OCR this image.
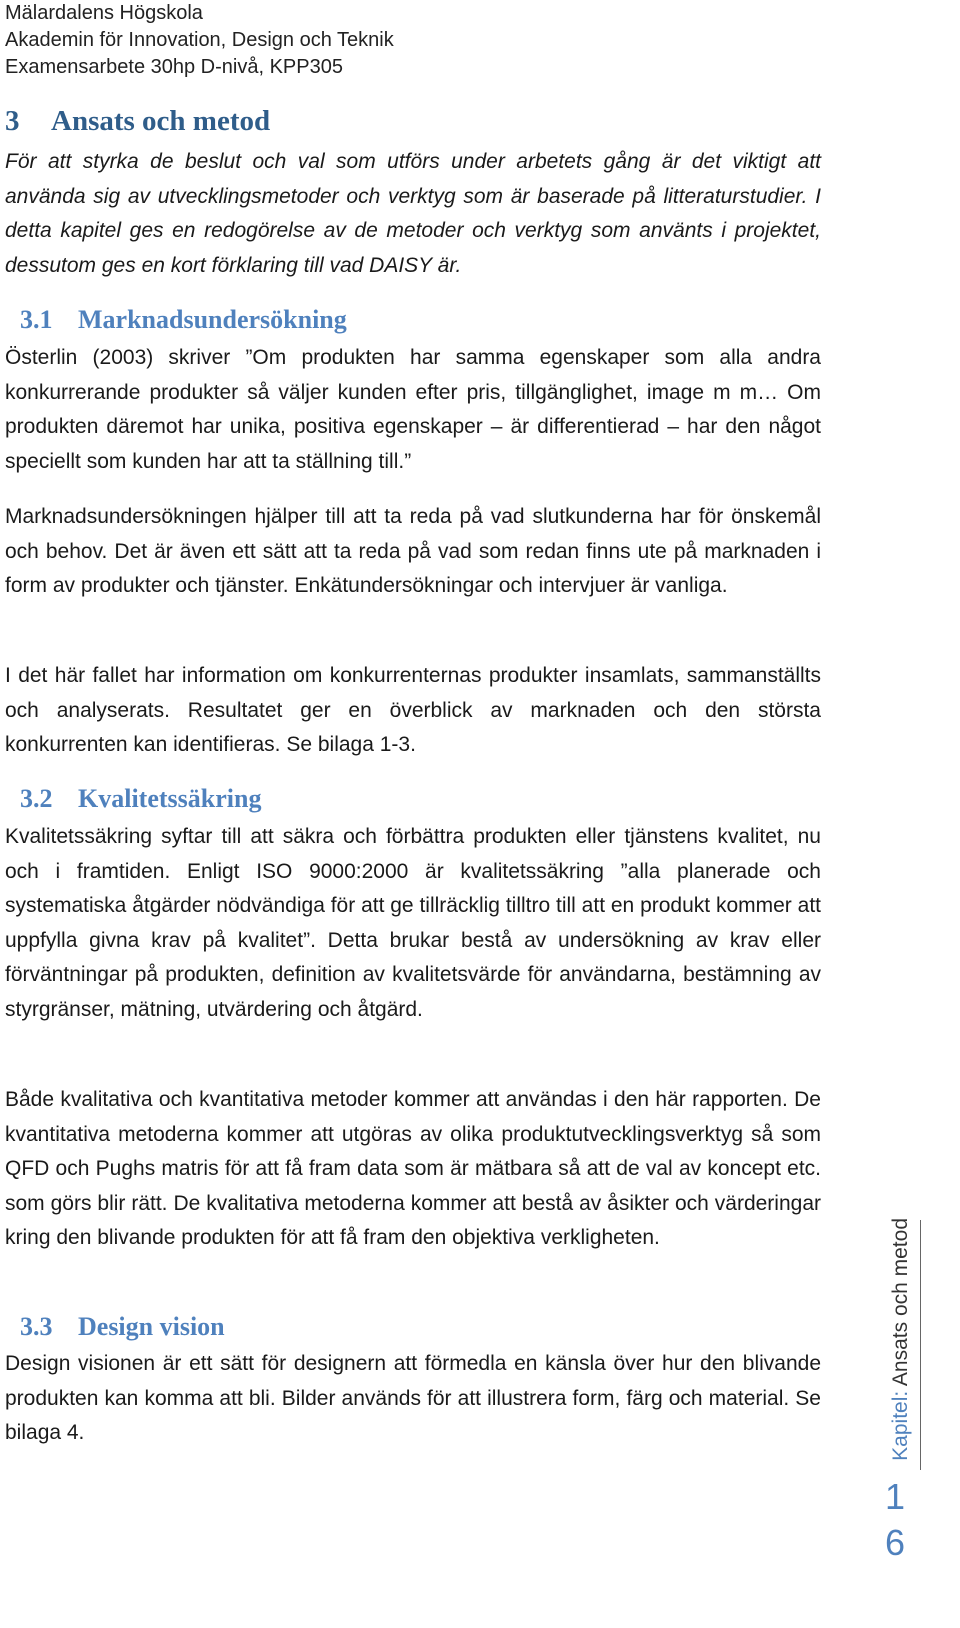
Mälardalens Högskola
Akademin för Innovation, Design och Teknik
Examensarbete 30hp D-nivå, KPP305
3 Ansats och metod

För att styrka de beslut och val som utförs under arbetets gång är det viktigt att använda sig av utvecklingsmetoder och verktyg som är baserade på litteraturstudier. I detta kapitel ges en redogörelse av de metoder och verktyg som använts i projektet, dessutom ges en kort förklaring till vad DAISY är.

3.1 Marknadsundersökning

Österlin (2003) skriver ”Om produkten har samma egenskaper som alla andra konkurrerande produkter så väljer kunden efter pris, tillgänglighet, image m m… Om produkten däremot har unika, positiva egenskaper – är differentierad – har den något speciellt som kunden har att ta ställning till.”

Marknadsundersökningen hjälper till att ta reda på vad slutkunderna har för önskemål och behov. Det är även ett sätt att ta reda på vad som redan finns ute på marknaden i form av produkter och tjänster. Enkätundersökningar och intervjuer är vanliga.

I det här fallet har information om konkurrenternas produkter insamlats, sammanställts och analyserats. Resultatet ger en överblick av marknaden och den största konkurrenten kan identifieras. Se bilaga 1-3.

3.2 Kvalitetssäkring

Kvalitetssäkring syftar till att säkra och förbättra produkten eller tjänstens kvalitet, nu och i framtiden. Enligt ISO 9000:2000 är kvalitetssäkring ”alla planerade och systematiska åtgärder nödvändiga för att ge tillräcklig tilltro till att en produkt kommer att uppfylla givna krav på kvalitet”. Detta brukar bestå av undersökning av krav eller förväntningar på produkten, definition av kvalitetsvärde för användarna, bestämning av styrgränser, mätning, utvärdering och åtgärd.

Både kvalitativa och kvantitativa metoder kommer att användas i den här rapporten. De kvantitativa metoderna kommer att utgöras av olika produktutvecklingsverktyg så som QFD och Pughs matris för att få fram data som är mätbara så att de val av koncept etc. som görs blir rätt. De kvalitativa metoderna kommer att bestå av åsikter och värderingar kring den blivande produkten för att få fram den objektiva verkligheten.

3.3 Design vision

Design visionen är ett sätt för designern att förmedla en känsla över hur den blivande produkten kan komma att bli. Bilder används för att illustrera form, färg och material. Se bilaga 4.	Kapitel: Ansats och metod
1
6
